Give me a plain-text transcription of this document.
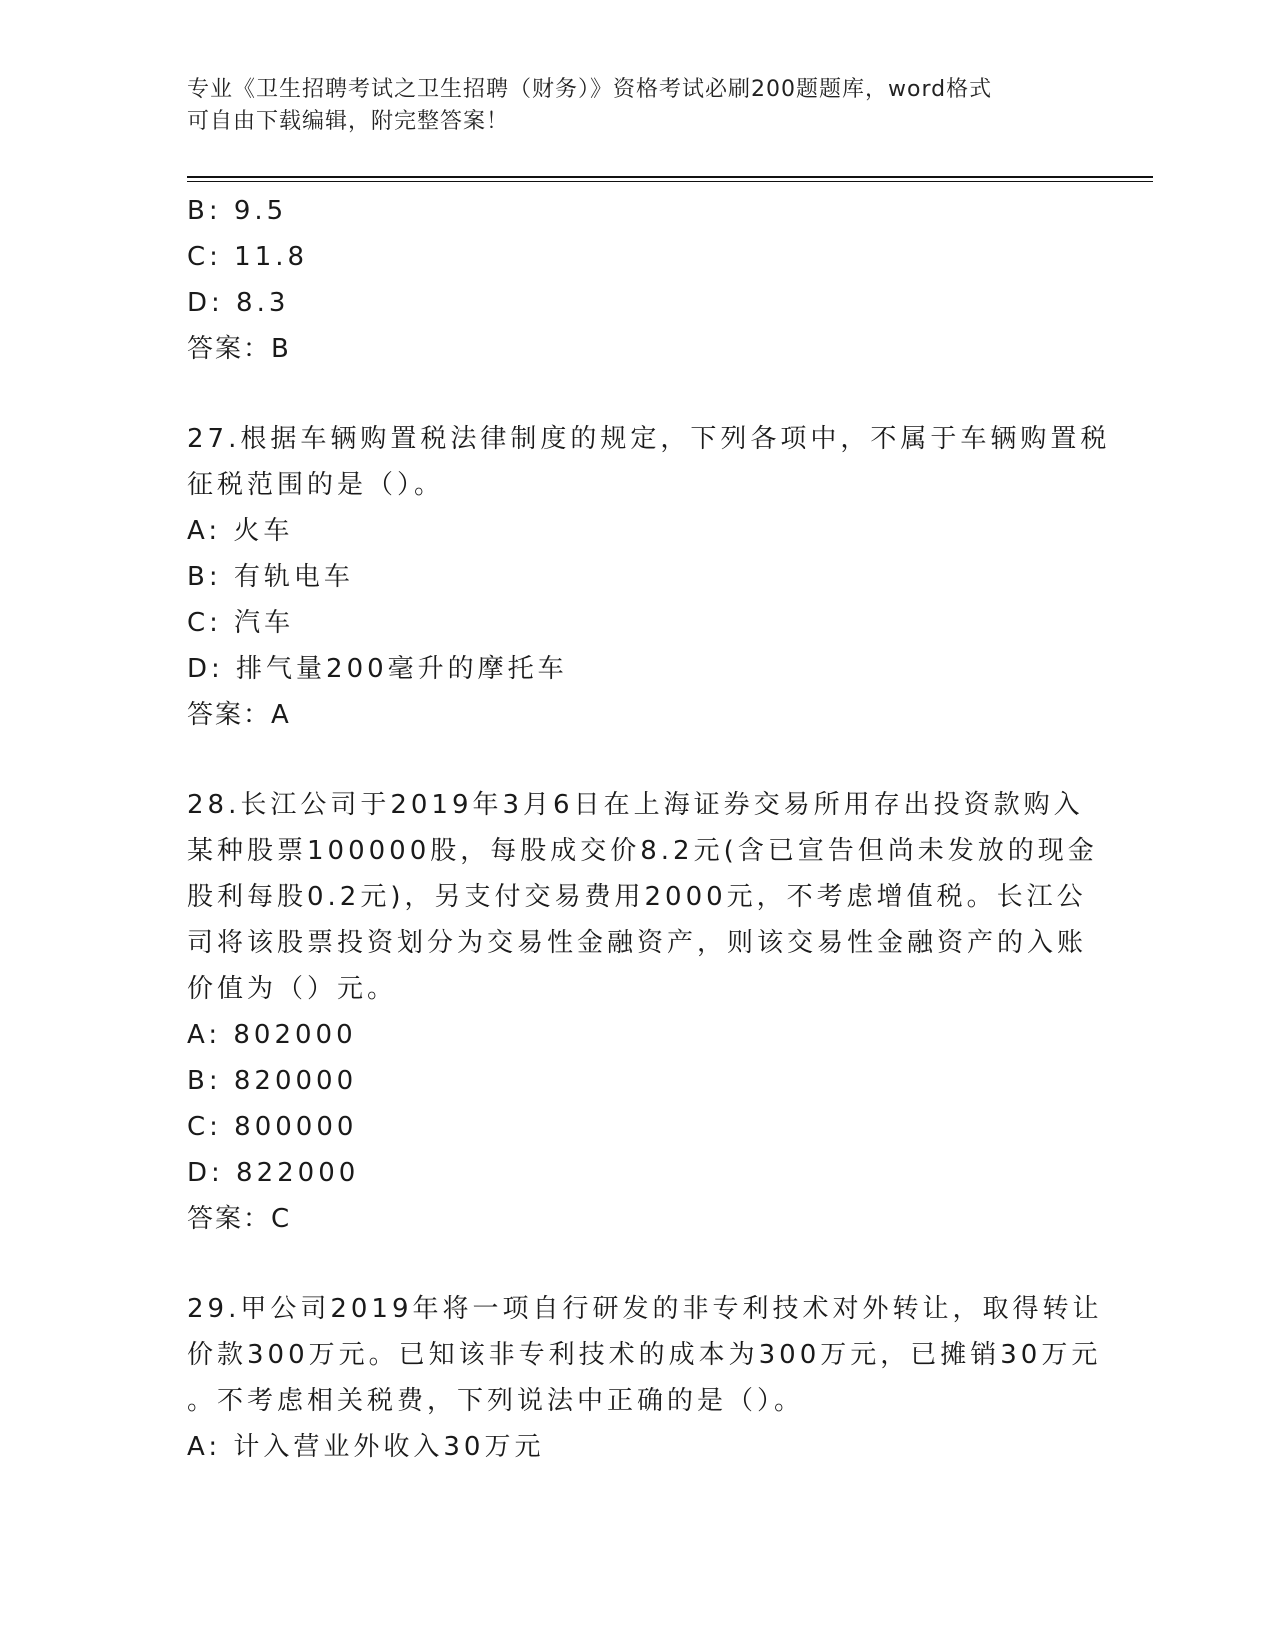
专业《卫生招聘考试之卫生招聘（财务）》资格考试必刷200题题库，word格式
可自由下载编辑，附完整答案！
B: 9.5
C: 11.8
D: 8.3
答案：B
27.根据车辆购置税法律制度的规定，下列各项中，不属于车辆购置税
征税范围的是（）。
A: 火车
B: 有轨电车
C: 汽车
D: 排气量200毫升的摩托车
答案：A
28.长江公司于2019年3月6日在上海证券交易所用存出投资款购入
某种股票100000股，每股成交价8.2元(含已宣告但尚未发放的现金
股利每股0.2元)，另支付交易费用2000元，不考虑增值税。长江公
司将该股票投资划分为交易性金融资产，则该交易性金融资产的入账
价值为（）元。
A: 802000
B: 820000
C: 800000
D: 822000
答案：C
29.甲公司2019年将一项自行研发的非专利技术对外转让，取得转让
价款300万元。已知该非专利技术的成本为300万元，已摊销30万元
。不考虑相关税费，下列说法中正确的是（）。
A: 计入营业外收入30万元
